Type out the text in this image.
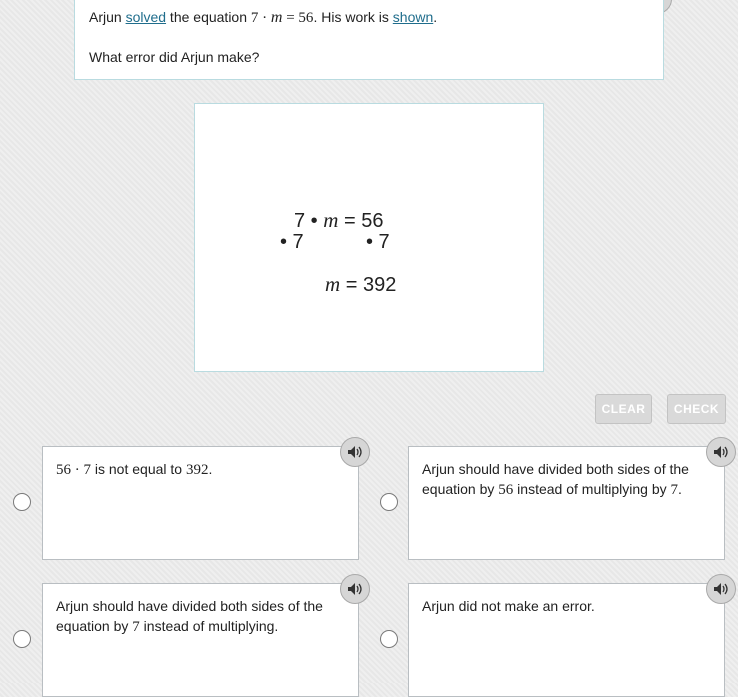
Arjun solved the equation 7 · m = 56. His work is shown.

What error did Arjun make?

7 • m = 56
• 7	• 7
m = 392
CLEAR	CHECK
56 · 7 is not equal to 392.	Arjun should have divided both sides of the equation by 56 instead of multiplying by 7.
Arjun should have divided both sides of the equation by 7 instead of multiplying.
Arjun did not make an error.
